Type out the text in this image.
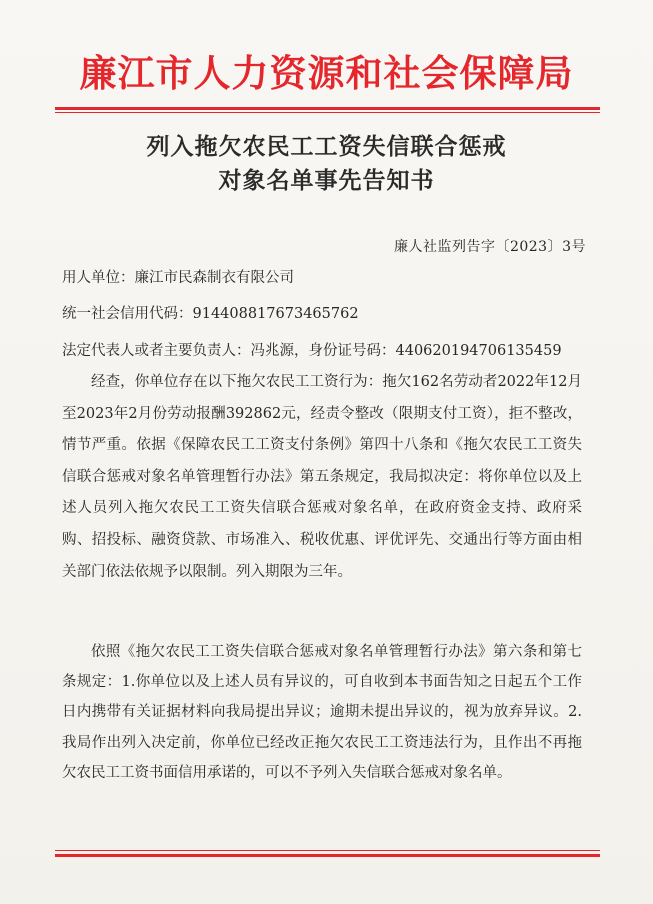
廉江市人力资源和社会保障局
列入拖欠农民工工资失信联合惩戒
对象名单事先告知书
廉人社监列告字〔2023〕3号
用人单位：廉江市民森制衣有限公司
统一社会信用代码：914408817673465762
法定代表人或者主要负责人：冯兆源，身份证号码：440620194706135459
经查，你单位存在以下拖欠农民工工资行为：拖欠162名劳动者2022年12月至2023年2月份劳动报酬392862元，经责令整改（限期支付工资），拒不整改，情节严重。依据《保障农民工工资支付条例》第四十八条和《拖欠农民工工资失信联合惩戒对象名单管理暂行办法》第五条规定，我局拟决定：将你单位以及上述人员列入拖欠农民工工资失信联合惩戒对象名单，在政府资金支持、政府采购、招投标、融资贷款、市场准入、税收优惠、评优评先、交通出行等方面由相关部门依法依规予以限制。列入期限为三年。
依照《拖欠农民工工资失信联合惩戒对象名单管理暂行办法》第六条和第七条规定：1.你单位以及上述人员有异议的，可自收到本书面告知之日起五个工作日内携带有关证据材料向我局提出异议；逾期未提出异议的，视为放弃异议。2.我局作出列入决定前，你单位已经改正拖欠农民工工资违法行为，且作出不再拖欠农民工工资书面信用承诺的，可以不予列入失信联合惩戒对象名单。
